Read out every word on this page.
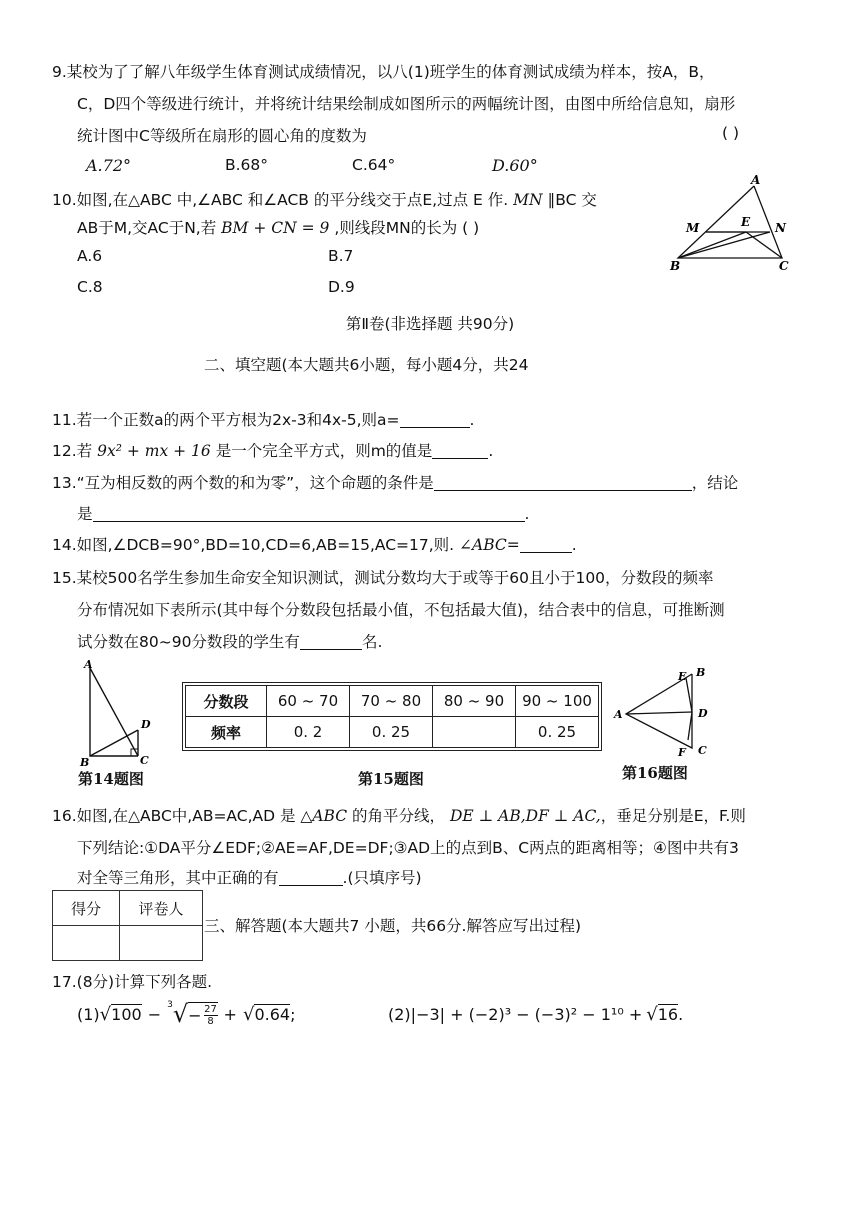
9.某校为了了解八年级学生体育测试成绩情况，以八(1)班学生的体育测试成绩为样本，按A，B，
C，D四个等级进行统计，并将统计结果绘制成如图所示的两幅统计图，由图中所给信息知，扇形
统计图中C等级所在扇形的圆心角的度数为	( )
A.72°	B.68°	C.64°	D.60°
10.如图,在△ABC 中,∠ABC 和∠ACB 的平分线交于点E,过点 E 作. MN ∥BC 交
AB于M,交AC于N,若 BM + CN = 9 ,则线段MN的长为 ( )
A.6	B.7
C.8	D.9
A
M	E N
B	C
第Ⅱ卷(非选择题 共90分)
二、填空题(本大题共6小题，每小题4分，共24
11.若一个正数a的两个平方根为2x-3和4x-5,则a=	.
12.若 9x² + mx + 16 是一个完全平方式，则m的值是	.
13.“互为相反数的两个数的和为零”，这个命题的条件是	，结论
是	.
14.如图,∠DCB=90°,BD=10,CD=6,AB=15,AC=17,则. ∠ABC=	.
15.某校500名学生参加生命安全知识测试，测试分数均大于或等于60且小于100，分数段的频率
分布情况如下表所示(其中每个分数段包括最小值，不包括最大值)，结合表中的信息，可推断测
试分数在80~90分数段的学生有	名.
A
D
B	C
第14题图
分数段	60 ~ 70	70 ~ 80	80 ~ 90	90 ~ 100
频率	0. 2	0. 25		0. 25
第15题图
E B
A	D
F C
第16题图
16.如图,在△ABC中,AB=AC,AD 是 △ABC 的角平分线， DE ⊥ AB,DF ⊥ AC,，垂足分别是E，F.则
下列结论:①DA平分∠EDF;②AE=AF,DE=DF;③AD上的点到B、C两点的距离相等；④图中共有3
对全等三角形，其中正确的有	.(只填序号)
得分	评卷人

三、解答题(本大题共7 小题，共66分.解答应写出过程)
17.(8分)计算下列各题.
(1) √ 100 − $^3$ √ − $\frac{27}{8}$ + √ 0.64 ;	(2) |−3| + (−2)³ − (−3)² − 1¹⁰ + √ 16 .
